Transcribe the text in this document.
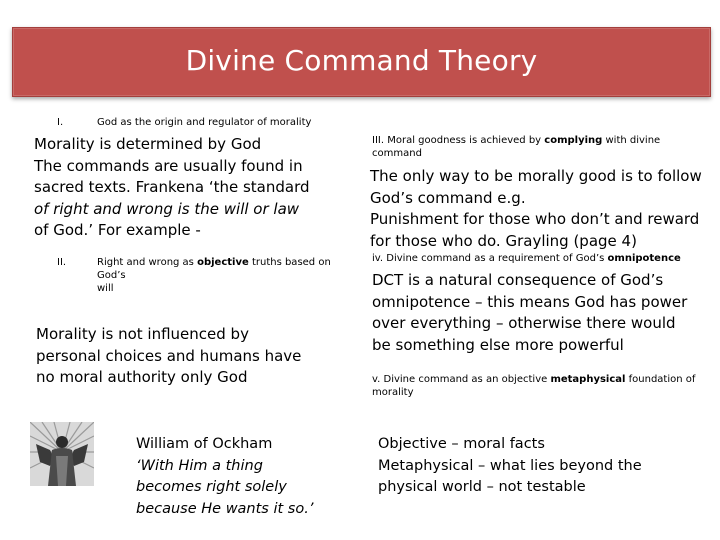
Divine Command Theory
I.	God as the origin and regulator of morality
Morality is determined by God
The commands are usually found in
sacred texts. Frankena ‘the standard
of right and wrong is the will or law
of God.’ For example -
II.	Right and wrong as objective truths based on God’s
will
Morality is not influenced by
personal choices and humans have
no moral authority only God
William of Ockham
‘With Him a thing
becomes right solely
because He wants it so.’
III. Moral goodness is achieved by complying with divine
command
The only way to be morally good is to follow
God’s command e.g.
Punishment for those who don’t and reward
for those who do. Grayling (page 4)
iv. Divine command as a requirement of God’s omnipotence
DCT is a natural consequence of God’s
omnipotence – this means God has power
over everything – otherwise there would
be something else more powerful
v. Divine command as an objective metaphysical foundation of
morality
Objective – moral facts
Metaphysical – what lies beyond the
physical world – not testable
